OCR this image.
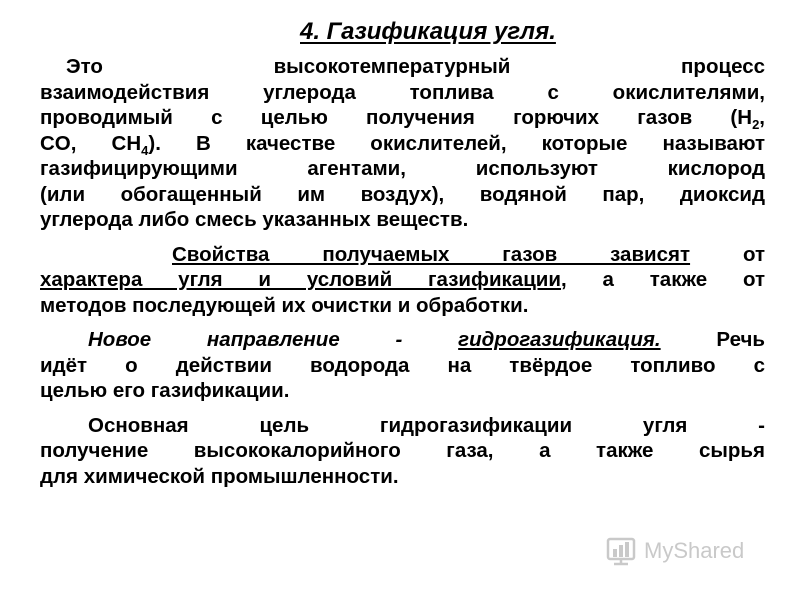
4. Газификация угля.

Это	высокотемпературный	процесс
взаимодействия углерода топлива с окислителями,
проводимый с целью получения горючих газов ($H_2$,
CO, $CH_4$). В качестве окислителей, которые называют
газифицирующими агентами, используют кислород
(или обогащенный им воздух), водяной пар, диоксид
углерода либо смесь указанных веществ.

Свойства получаемых газов зависят	от
характера угля и условий газификации, а также от
методов последующей их очистки и обработки.

Новое направление - гидрогазификация. Речь
идёт о действии водорода на твёрдое топливо с
целью его газификации.

Основная	цель	гидрогазификации	угля	-
получение высококалорийного газа, а также сырья
для химической промышленности.

MyShared
